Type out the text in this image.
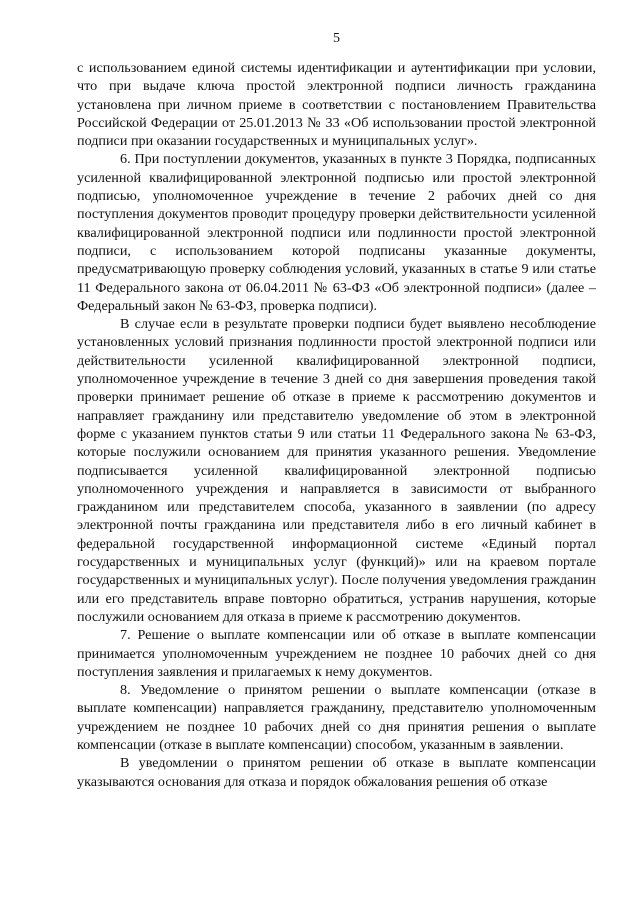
5

с использованием единой системы идентификации и аутентификации при условии, что при выдаче ключа простой электронной подписи личность гражданина установлена при личном приеме в соответствии с постановлением Правительства Российской Федерации от 25.01.2013 № 33 «Об использовании простой электронной подписи при оказании государственных и муниципальных услуг».

6. При поступлении документов, указанных в пункте 3 Порядка, подписанных усиленной квалифицированной электронной подписью или простой электронной подписью, уполномоченное учреждение в течение 2 рабочих дней со дня поступления документов проводит процедуру проверки действительности усиленной квалифицированной электронной подписи или подлинности простой электронной подписи, с использованием которой подписаны указанные документы, предусматривающую проверку соблюдения условий, указанных в статье 9 или статье 11 Федерального закона от 06.04.2011 № 63-ФЗ «Об электронной подписи» (далее – Федеральный закон № 63-ФЗ, проверка подписи).

В случае если в результате проверки подписи будет выявлено несоблюдение установленных условий признания подлинности простой электронной подписи или действительности усиленной квалифицированной электронной подписи, уполномоченное учреждение в течение 3 дней со дня завершения проведения такой проверки принимает решение об отказе в приеме к рассмотрению документов и направляет гражданину или представителю уведомление об этом в электронной форме с указанием пунктов статьи 9 или статьи 11 Федерального закона № 63-ФЗ, которые послужили основанием для принятия указанного решения. Уведомление подписывается усиленной квалифицированной электронной подписью уполномоченного учреждения и направляется в зависимости от выбранного гражданином или представителем способа, указанного в заявлении (по адресу электронной почты гражданина или представителя либо в его личный кабинет в федеральной государственной информационной системе «Единый портал государственных и муниципальных услуг (функций)» или на краевом портале государственных и муниципальных услуг). После получения уведомления гражданин или его представитель вправе повторно обратиться, устранив нарушения, которые послужили основанием для отказа в приеме к рассмотрению документов.

7. Решение о выплате компенсации или об отказе в выплате компенсации принимается уполномоченным учреждением не позднее 10 рабочих дней со дня поступления заявления и прилагаемых к нему документов.

8. Уведомление о принятом решении о выплате компенсации (отказе в выплате компенсации) направляется гражданину, представителю уполномоченным учреждением не позднее 10 рабочих дней со дня принятия решения о выплате компенсации (отказе в выплате компенсации) способом, указанным в заявлении.

В уведомлении о принятом решении об отказе в выплате компенсации указываются основания для отказа и порядок обжалования решения об отказе
